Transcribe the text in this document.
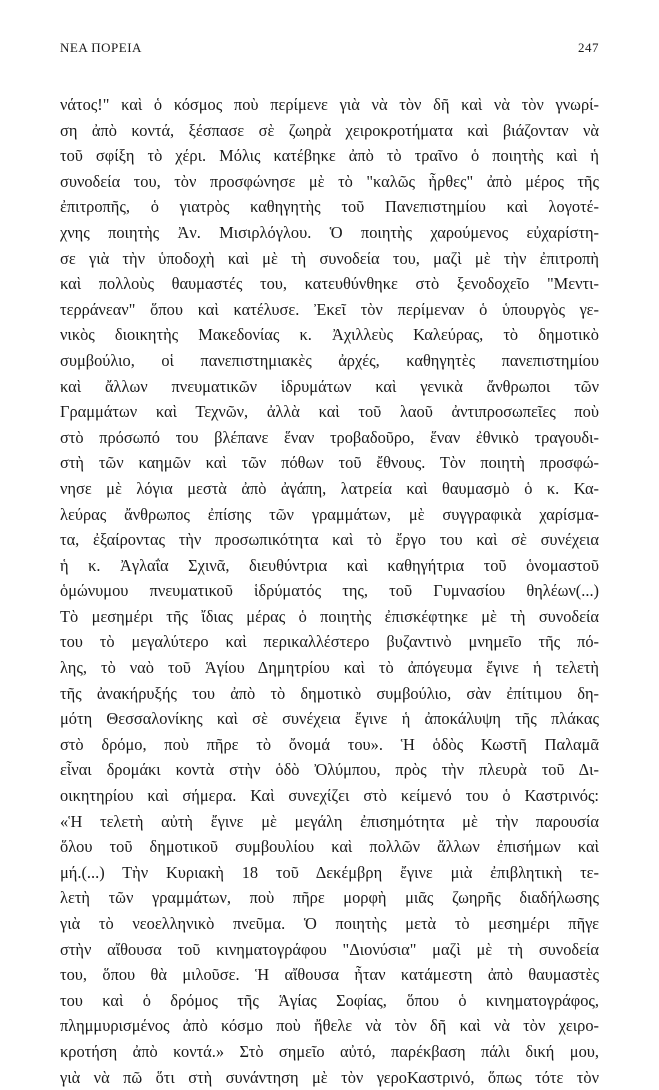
ΝΕΑ ΠΟΡΕΙΑ	247
νάτος!" καὶ ὁ κόσμος ποὺ περίμενε γιὰ νὰ τὸν δῆ καὶ νὰ τὸν γνωρί-
ση ἀπὸ κοντά, ξέσπασε σὲ ζωηρὰ χειροκροτήματα καὶ βιάζονταν νὰ
τοῦ σφίξη τὸ χέρι. Μόλις κατέβηκε ἀπὸ τὸ τραῖνο ὁ ποιητὴς καὶ ἡ
συνοδεία του, τὸν προσφώνησε μὲ τὸ "καλῶς ἦρθες" ἀπὸ μέρος τῆς
ἐπιτροπῆς, ὁ γιατρὸς καθηγητὴς τοῦ Πανεπιστημίου καὶ λογοτέ-
χνης ποιητὴς Ἀν. Μισιρλόγλου. Ὁ ποιητὴς χαρούμενος εὐχαρίστη-
σε γιὰ τὴν ὑποδοχὴ καὶ μὲ τὴ συνοδεία του, μαζὶ μὲ τὴν ἐπιτροπὴ
καὶ πολλοὺς θαυμαστές του, κατευθύνθηκε στὸ ξενοδοχεῖο "Μεντι-
τερράνεαν" ὅπου καὶ κατέλυσε. Ἐκεῖ τὸν περίμεναν ὁ ὑπουργὸς γε-
νικὸς διοικητὴς Μακεδονίας κ. Ἀχιλλεὺς Καλεύρας, τὸ δημοτικὸ
συμβούλιο, οἱ πανεπιστημιακὲς ἀρχές, καθηγητὲς πανεπιστημίου
καὶ ἄλλων πνευματικῶν ἱδρυμάτων καὶ γενικὰ ἄνθρωποι τῶν
Γραμμάτων καὶ Τεχνῶν, ἀλλὰ καὶ τοῦ λαοῦ ἀντιπροσωπεῖες ποὺ
στὸ πρόσωπό του βλέπανε ἕναν τροβαδοῦρο, ἕναν ἐθνικὸ τραγουδι-
στὴ τῶν καημῶν καὶ τῶν πόθων τοῦ ἔθνους. Τὸν ποιητὴ προσφώ-
νησε μὲ λόγια μεστὰ ἀπὸ ἀγάπη, λατρεία καὶ θαυμασμὸ ὁ κ. Κα-
λεύρας ἄνθρωπος ἐπίσης τῶν γραμμάτων, μὲ συγγραφικὰ χαρίσμα-
τα, ἐξαίροντας τὴν προσωπικότητα καὶ τὸ ἔργο του καὶ σὲ συνέχεια
ἡ κ. Ἀγλαΐα Σχινᾶ, διευθύντρια καὶ καθηγήτρια τοῦ ὁνομαστοῦ
ὁμώνυμου πνευματικοῦ ἱδρύματός της, τοῦ Γυμνασίου θηλέων(...)
Τὸ μεσημέρι τῆς ἴδιας μέρας ὁ ποιητὴς ἐπισκέφτηκε μὲ τὴ συνοδεία
του τὸ μεγαλύτερο καὶ περικαλλέστερο βυζαντινὸ μνημεῖο τῆς πό-
λης, τὸ ναὸ τοῦ Ἁγίου Δημητρίου καὶ τὸ ἀπόγευμα ἔγινε ἡ τελετὴ
τῆς ἀνακήρυξής του ἀπὸ τὸ δημοτικὸ συμβούλιο, σὰν ἐπίτιμου δη-
μότη Θεσσαλονίκης καὶ σὲ συνέχεια ἔγινε ἡ ἀποκάλυψη τῆς πλάκας
στὸ δρόμο, ποὺ πῆρε τὸ ὄνομά του». Ἡ ὁδὸς Κωστῆ Παλαμᾶ
εἶναι δρομάκι κοντὰ στὴν ὁδὸ Ὀλύμπου, πρὸς τὴν πλευρὰ τοῦ Δι-
οικητηρίου καὶ σήμερα. Καὶ συνεχίζει στὸ κείμενό του ὁ Καστρινός:
«Ἡ τελετὴ αὐτὴ ἔγινε μὲ μεγάλη ἐπισημότητα μὲ τὴν παρουσία
ὅλου τοῦ δημοτικοῦ συμβουλίου καὶ πολλῶν ἄλλων ἐπισήμων καὶ
μή.(...) Τὴν Κυριακὴ 18 τοῦ Δεκέμβρη ἔγινε μιὰ ἐπιβλητικὴ τε-
λετὴ τῶν γραμμάτων, ποὺ πῆρε μορφὴ μιᾶς ζωηρῆς διαδήλωσης
γιὰ τὸ νεοελληνικὸ πνεῦμα. Ὁ ποιητὴς μετὰ τὸ μεσημέρι πῆγε
στὴν αἴθουσα τοῦ κινηματογράφου "Διονύσια" μαζὶ μὲ τὴ συνοδεία
του, ὅπου θὰ μιλοῦσε. Ἡ αἴθουσα ἦταν κατάμεστη ἀπὸ θαυμαστὲς
του καὶ ὁ δρόμος τῆς Ἁγίας Σοφίας, ὅπου ὁ κινηματογράφος,
πλημμυρισμένος ἀπὸ κόσμο ποὺ ἤθελε νὰ τὸν δῆ καὶ νὰ τὸν χειρο-
κροτήση ἀπὸ κοντά.» Στὸ σημεῖο αὐτό, παρέκβαση πάλι δική μου,
γιὰ νὰ πῶ ὅτι στὴ συνάντηση μὲ τὸν γεροΚαστρινό, ὅπως τότε τὸν
